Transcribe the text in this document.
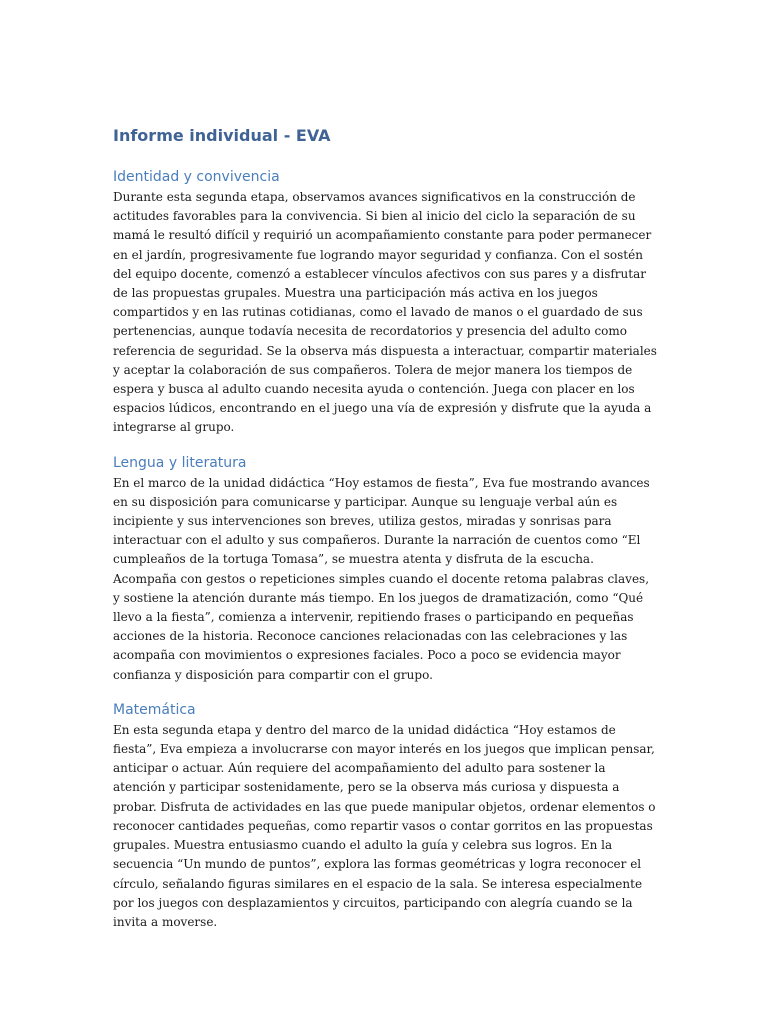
Informe individual - EVA
Identidad y convivencia

Durante esta segunda etapa, observamos avances significativos en la construcción de actitudes favorables para la convivencia. Si bien al inicio del ciclo la separación de su mamá le resultó difícil y requirió un acompañamiento constante para poder permanecer en el jardín, progresivamente fue logrando mayor seguridad y confianza. Con el sostén del equipo docente, comenzó a establecer vínculos afectivos con sus pares y a disfrutar de las propuestas grupales. Muestra una participación más activa en los juegos compartidos y en las rutinas cotidianas, como el lavado de manos o el guardado de sus pertenencias, aunque todavía necesita de recordatorios y presencia del adulto como referencia de seguridad. Se la observa más dispuesta a interactuar, compartir materiales y aceptar la colaboración de sus compañeros. Tolera de mejor manera los tiempos de espera y busca al adulto cuando necesita ayuda o contención. Juega con placer en los espacios lúdicos, encontrando en el juego una vía de expresión y disfrute que la ayuda a integrarse al grupo.

Lengua y literatura

En el marco de la unidad didáctica “Hoy estamos de fiesta”, Eva fue mostrando avances en su disposición para comunicarse y participar. Aunque su lenguaje verbal aún es incipiente y sus intervenciones son breves, utiliza gestos, miradas y sonrisas para interactuar con el adulto y sus compañeros. Durante la narración de cuentos como “El cumpleaños de la tortuga Tomasa”, se muestra atenta y disfruta de la escucha. Acompaña con gestos o repeticiones simples cuando el docente retoma palabras claves, y sostiene la atención durante más tiempo. En los juegos de dramatización, como “Qué llevo a la fiesta”, comienza a intervenir, repitiendo frases o participando en pequeñas acciones de la historia. Reconoce canciones relacionadas con las celebraciones y las acompaña con movimientos o expresiones faciales. Poco a poco se evidencia mayor confianza y disposición para compartir con el grupo.

Matemática

En esta segunda etapa y dentro del marco de la unidad didáctica “Hoy estamos de fiesta”, Eva empieza a involucrarse con mayor interés en los juegos que implican pensar, anticipar o actuar. Aún requiere del acompañamiento del adulto para sostener la atención y participar sostenidamente, pero se la observa más curiosa y dispuesta a probar. Disfruta de actividades en las que puede manipular objetos, ordenar elementos o reconocer cantidades pequeñas, como repartir vasos o contar gorritos en las propuestas grupales. Muestra entusiasmo cuando el adulto la guía y celebra sus logros. En la secuencia “Un mundo de puntos”, explora las formas geométricas y logra reconocer el círculo, señalando figuras similares en el espacio de la sala. Se interesa especialmente por los juegos con desplazamientos y circuitos, participando con alegría cuando se la invita a moverse.
